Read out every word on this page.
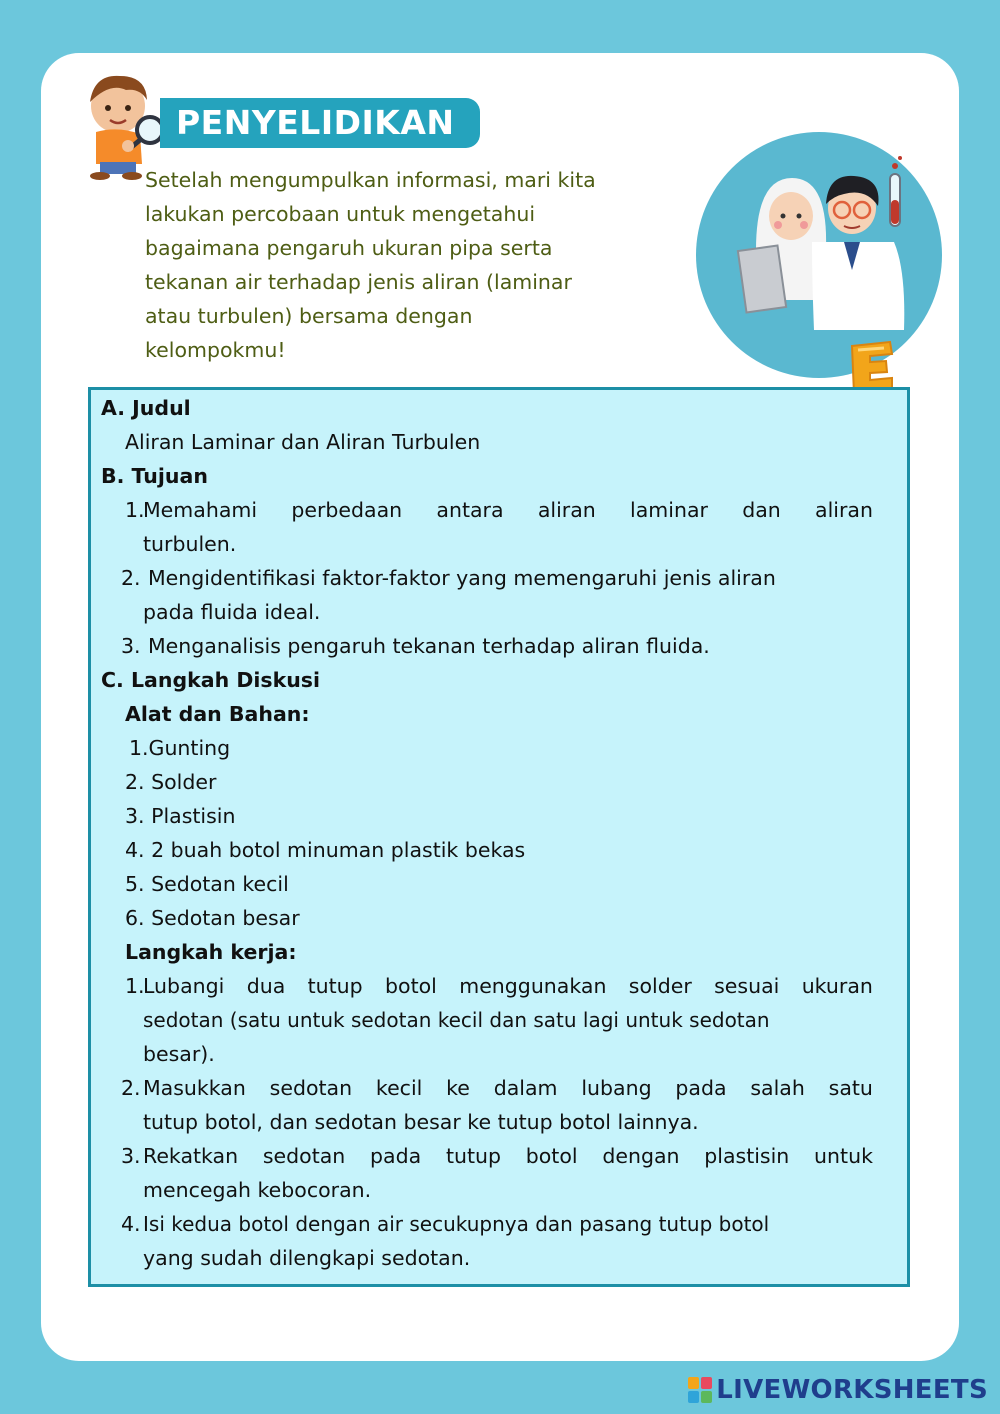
PENYELIDIKAN

Setelah mengumpulkan informasi, mari kita
lakukan percobaan untuk mengetahui
bagaimana pengaruh ukuran pipa serta
tekanan air terhadap jenis aliran (laminar
atau turbulen) bersama dengan
kelompokmu!

A. Judul
Aliran Laminar dan Aliran Turbulen
B. Tujuan
1.
Memahami perbedaan antara aliran laminar dan aliran
turbulen.
2. Mengidentifikasi faktor-faktor yang memengaruhi jenis aliran
pada fluida ideal.
3. Menganalisis pengaruh tekanan terhadap aliran fluida.
C. Langkah Diskusi
Alat dan Bahan:
1.Gunting
2. Solder
3. Plastisin
4. 2 buah botol minuman plastik bekas
5. Sedotan kecil
6. Sedotan besar
Langkah kerja:
1.
Lubangi dua tutup botol menggunakan solder sesuai ukuran
sedotan (satu untuk sedotan kecil dan satu lagi untuk sedotan
besar).
2. Masukkan sedotan kecil ke dalam lubang pada salah satu
tutup botol, dan sedotan besar ke tutup botol lainnya.
3. Rekatkan sedotan pada tutup botol dengan plastisin untuk
mencegah kebocoran.
4. Isi kedua botol dengan air secukupnya dan pasang tutup botol
yang sudah dilengkapi sedotan.
LIVEWORKSHEETS
